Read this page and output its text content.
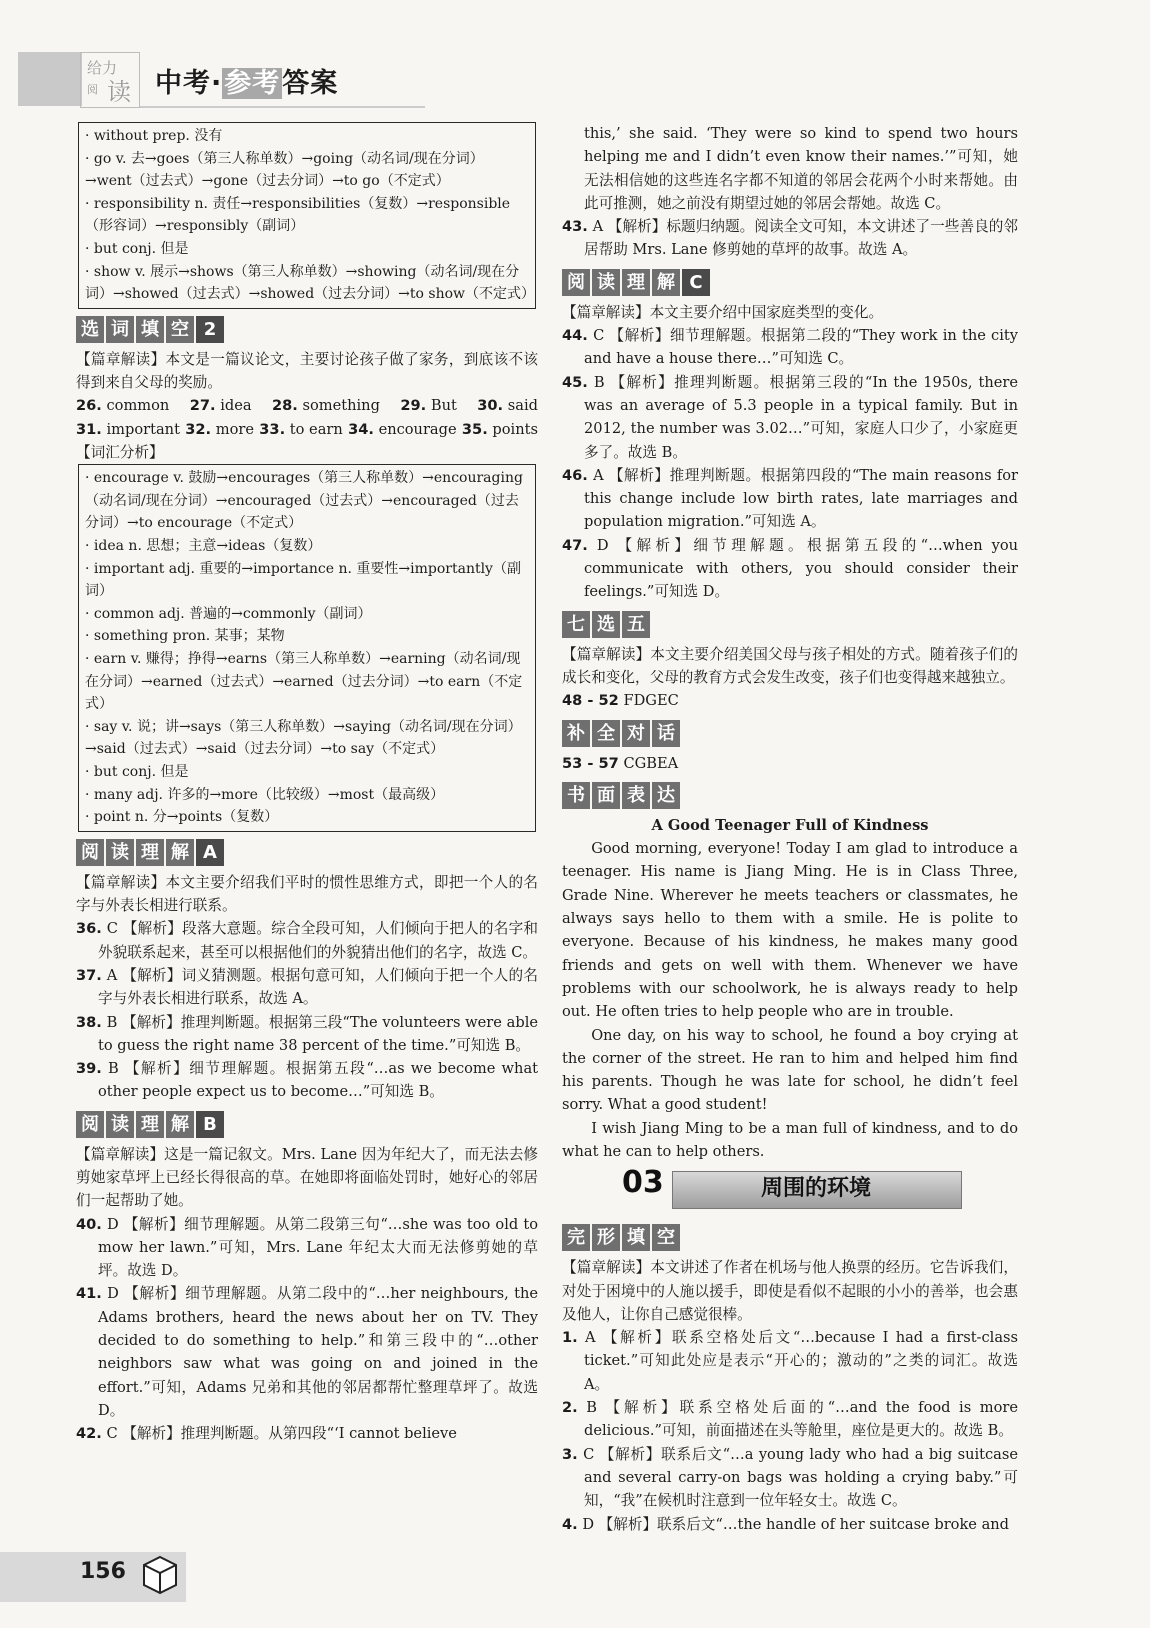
给力
阅 读 中考·参考答案
· without prep. 没有
· go v. 去→goes（第三人称单数）→going（动名词/现在分词）→went（过去式）→gone（过去分词）→to go（不定式）
· responsibility n. 责任→responsibilities（复数）→responsible（形容词）→responsibly（副词）
· but conj. 但是
· show v. 展示→shows（第三人称单数）→showing（动名词/现在分词）→showed（过去式）→showed（过去分词）→to show（不定式）
选 词 填 空 2

【篇章解读】本文是一篇议论文，主要讨论孩子做了家务，到底该不该得到来自父母的奖励。

26. common 27. idea 28. something 29. But 30. said
31. important 32. more 33. to earn 34. encourage 35. points

【词汇分析】

· encourage v. 鼓励→encourages（第三人称单数）→encouraging（动名词/现在分词）→encouraged（过去式）→encouraged（过去分词）→to encourage（不定式）
· idea n. 思想；主意→ideas（复数）
· important adj. 重要的→importance n. 重要性→importantly（副词）
· common adj. 普遍的→commonly（副词）
· something pron. 某事；某物
· earn v. 赚得；挣得→earns（第三人称单数）→earning（动名词/现在分词）→earned（过去式）→earned（过去分词）→to earn（不定式）
· say v. 说；讲→says（第三人称单数）→saying（动名词/现在分词）→said（过去式）→said（过去分词）→to say（不定式）
· but conj. 但是
· many adj. 许多的→more（比较级）→most（最高级）
· point n. 分→points（复数）
阅 读 理 解 A

【篇章解读】本文主要介绍我们平时的惯性思维方式，即把一个人的名字与外表长相进行联系。

36. C 【解析】段落大意题。综合全段可知，人们倾向于把人的名字和外貌联系起来，甚至可以根据他们的外貌猜出他们的名字，故选 C。

37. A 【解析】词义猜测题。根据句意可知，人们倾向于把一个人的名字与外表长相进行联系，故选 A。

38. B 【解析】推理判断题。根据第三段“The volunteers were able to guess the right name 38 percent of the time.”可知选 B。

39. B 【解析】细节理解题。根据第五段“…as we become what other people expect us to become…”可知选 B。

阅 读 理 解 B

【篇章解读】这是一篇记叙文。Mrs. Lane 因为年纪大了，而无法去修剪她家草坪上已经长得很高的草。在她即将面临处罚时，她好心的邻居们一起帮助了她。

40. D 【解析】细节理解题。从第二段第三句“…she was too old to mow her lawn.”可知，Mrs. Lane 年纪太大而无法修剪她的草坪。故选 D。

41. D 【解析】细节理解题。从第二段中的“…her neighbours, the Adams brothers, heard the news about her on TV. They decided to do something to help.”和第三段中的“…other neighbors saw what was going on and joined in the effort.”可知，Adams 兄弟和其他的邻居都帮忙整理草坪了。故选 D。

42. C 【解析】推理判断题。从第四段“‘I cannot believe

this,’ she said. ‘They were so kind to spend two hours helping me and I didn’t even know their names.’”可知，她无法相信她的这些连名字都不知道的邻居会花两个小时来帮她。由此可推测，她之前没有期望过她的邻居会帮她。故选 C。

43. A 【解析】标题归纳题。阅读全文可知，本文讲述了一些善良的邻居帮助 Mrs. Lane 修剪她的草坪的故事。故选 A。

阅 读 理 解 C

【篇章解读】本文主要介绍中国家庭类型的变化。

44. C 【解析】细节理解题。根据第二段的“They work in the city and have a house there…”可知选 C。

45. B 【解析】推理判断题。根据第三段的“In the 1950s, there was an average of 5.3 people in a typical family. But in 2012, the number was 3.02…”可知，家庭人口少了，小家庭更多了。故选 B。

46. A 【解析】推理判断题。根据第四段的“The main reasons for this change include low birth rates, late marriages and population migration.”可知选 A。

47. D 【解析】细节理解题。根据第五段的“…when you communicate with others, you should consider their feelings.”可知选 D。

七 选 五

【篇章解读】本文主要介绍美国父母与孩子相处的方式。随着孩子们的成长和变化，父母的教育方式会发生改变，孩子们也变得越来越独立。

48 - 52 FDGEC

补 全 对 话

53 - 57 CGBEA

书 面 表 达

A Good Teenager Full of Kindness

Good morning, everyone! Today I am glad to introduce a teenager. His name is Jiang Ming. He is in Class Three, Grade Nine. Wherever he meets teachers or classmates, he always says hello to them with a smile. He is polite to everyone. Because of his kindness, he makes many good friends and gets on well with them. Whenever we have problems with our schoolwork, he is always ready to help out. He often tries to help people who are in trouble.

One day, on his way to school, he found a boy crying at the corner of the street. He ran to him and helped him find his parents. Though he was late for school, he didn’t feel sorry. What a good student!

I wish Jiang Ming to be a man full of kindness, and to do what he can to help others.

03	周围的环境
完 形 填 空

【篇章解读】本文讲述了作者在机场与他人换票的经历。它告诉我们，对处于困境中的人施以援手，即使是看似不起眼的小小的善举，也会惠及他人，让你自己感觉很棒。

1. A 【解析】联系空格处后文“…because I had a first-class ticket.”可知此处应是表示“开心的；激动的”之类的词汇。故选 A。

2. B 【解析】联系空格处后面的“…and the food is more delicious.”可知，前面描述在头等舱里，座位是更大的。故选 B。

3. C 【解析】联系后文“…a young lady who had a big suitcase and several carry-on bags was holding a crying baby.”可知，“我”在候机时注意到一位年轻女士。故选 C。

4. D 【解析】联系后文“…the handle of her suitcase broke and

156
